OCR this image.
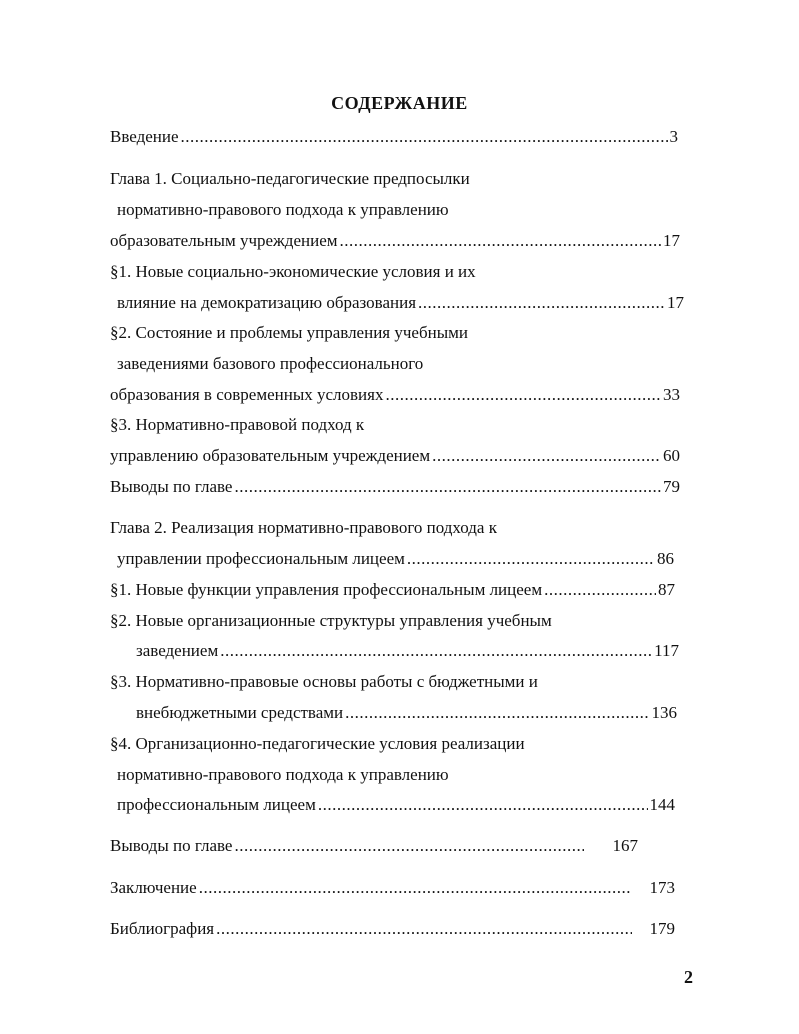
СОДЕРЖАНИЕ
Введение .....	3
Глава 1. Социально-педагогические предпосылки
нормативно-правового подхода к управлению
образовательным учреждением .....	17
§1. Новые социально-экономические условия и их
влияние на демократизацию образования .....	17
§2. Состояние и проблемы управления учебными
заведениями базового профессионального
образования в современных условиях .....	33
§3. Нормативно-правовой подход к
управлению образовательным учреждением .....	60
Выводы по главе .....	79
Глава 2. Реализация нормативно-правового подхода к
управлении профессиональным лицеем .....	86
§1. Новые функции управления профессиональным лицеем .....	87
§2. Новые организационные структуры управления учебным
заведением .....	117
§3. Нормативно-правовые основы работы с бюджетными и
внебюджетными средствами .....	136
§4. Организационно-педагогические условия реализации
нормативно-правового подхода к управлению
профессиональным лицеем .....	144
Выводы по главе .....	167
Заключение .....	173
Библиография .....	179
2
